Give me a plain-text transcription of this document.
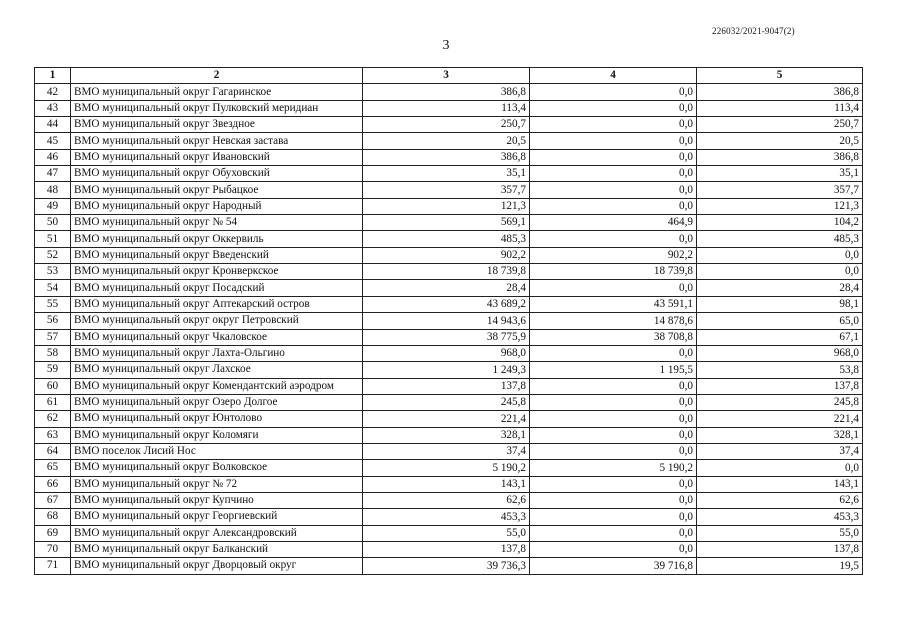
226032/2021-9047(2)
3
1	2	3	4	5
42	ВМО муниципальный округ Гагаринское	386,8	0,0	386,8
43	ВМО муниципальный округ Пулковский меридиан	113,4	0,0	113,4
44	ВМО муниципальный округ Звездное	250,7	0,0	250,7
45	ВМО муниципальный округ Невская застава	20,5	0,0	20,5
46	ВМО муниципальный округ Ивановский	386,8	0,0	386,8
47	ВМО муниципальный округ Обуховский	35,1	0,0	35,1
48	ВМО муниципальный округ Рыбацкое	357,7	0,0	357,7
49	ВМО муниципальный округ Народный	121,3	0,0	121,3
50	ВМО муниципальный округ № 54	569,1	464,9	104,2
51	ВМО муниципальный округ Оккервиль	485,3	0,0	485,3
52	ВМО муниципальный округ Введенский	902,2	902,2	0,0
53	ВМО муниципальный округ Кронверкское	18 739,8	18 739,8	0,0
54	ВМО муниципальный округ Посадский	28,4	0,0	28,4
55	ВМО муниципальный округ Аптекарский остров	43 689,2	43 591,1	98,1
56	ВМО муниципальный округ округ Петровский	14 943,6	14 878,6	65,0
57	ВМО муниципальный округ Чкаловское	38 775,9	38 708,8	67,1
58	ВМО муниципальный округ Лахта-Ольгино	968,0	0,0	968,0
59	ВМО муниципальный округ Лахское	1 249,3	1 195,5	53,8
60	ВМО муниципальный округ Комендантский аэродром	137,8	0,0	137,8
61	ВМО муниципальный округ Озеро Долгое	245,8	0,0	245,8
62	ВМО муниципальный округ Юнтолово	221,4	0,0	221,4
63	ВМО муниципальный округ Коломяги	328,1	0,0	328,1
64	ВМО поселок Лисий Нос	37,4	0,0	37,4
65	ВМО муниципальный округ Волковское	5 190,2	5 190,2	0,0
66	ВМО муниципальный округ № 72	143,1	0,0	143,1
67	ВМО муниципальный округ Купчино	62,6	0,0	62,6
68	ВМО муниципальный округ Георгиевский	453,3	0,0	453,3
69	ВМО муниципальный округ Александровский	55,0	0,0	55,0
70	ВМО муниципальный округ Балканский	137,8	0,0	137,8
71	ВМО муниципальный округ Дворцовый округ	39 736,3	39 716,8	19,5
